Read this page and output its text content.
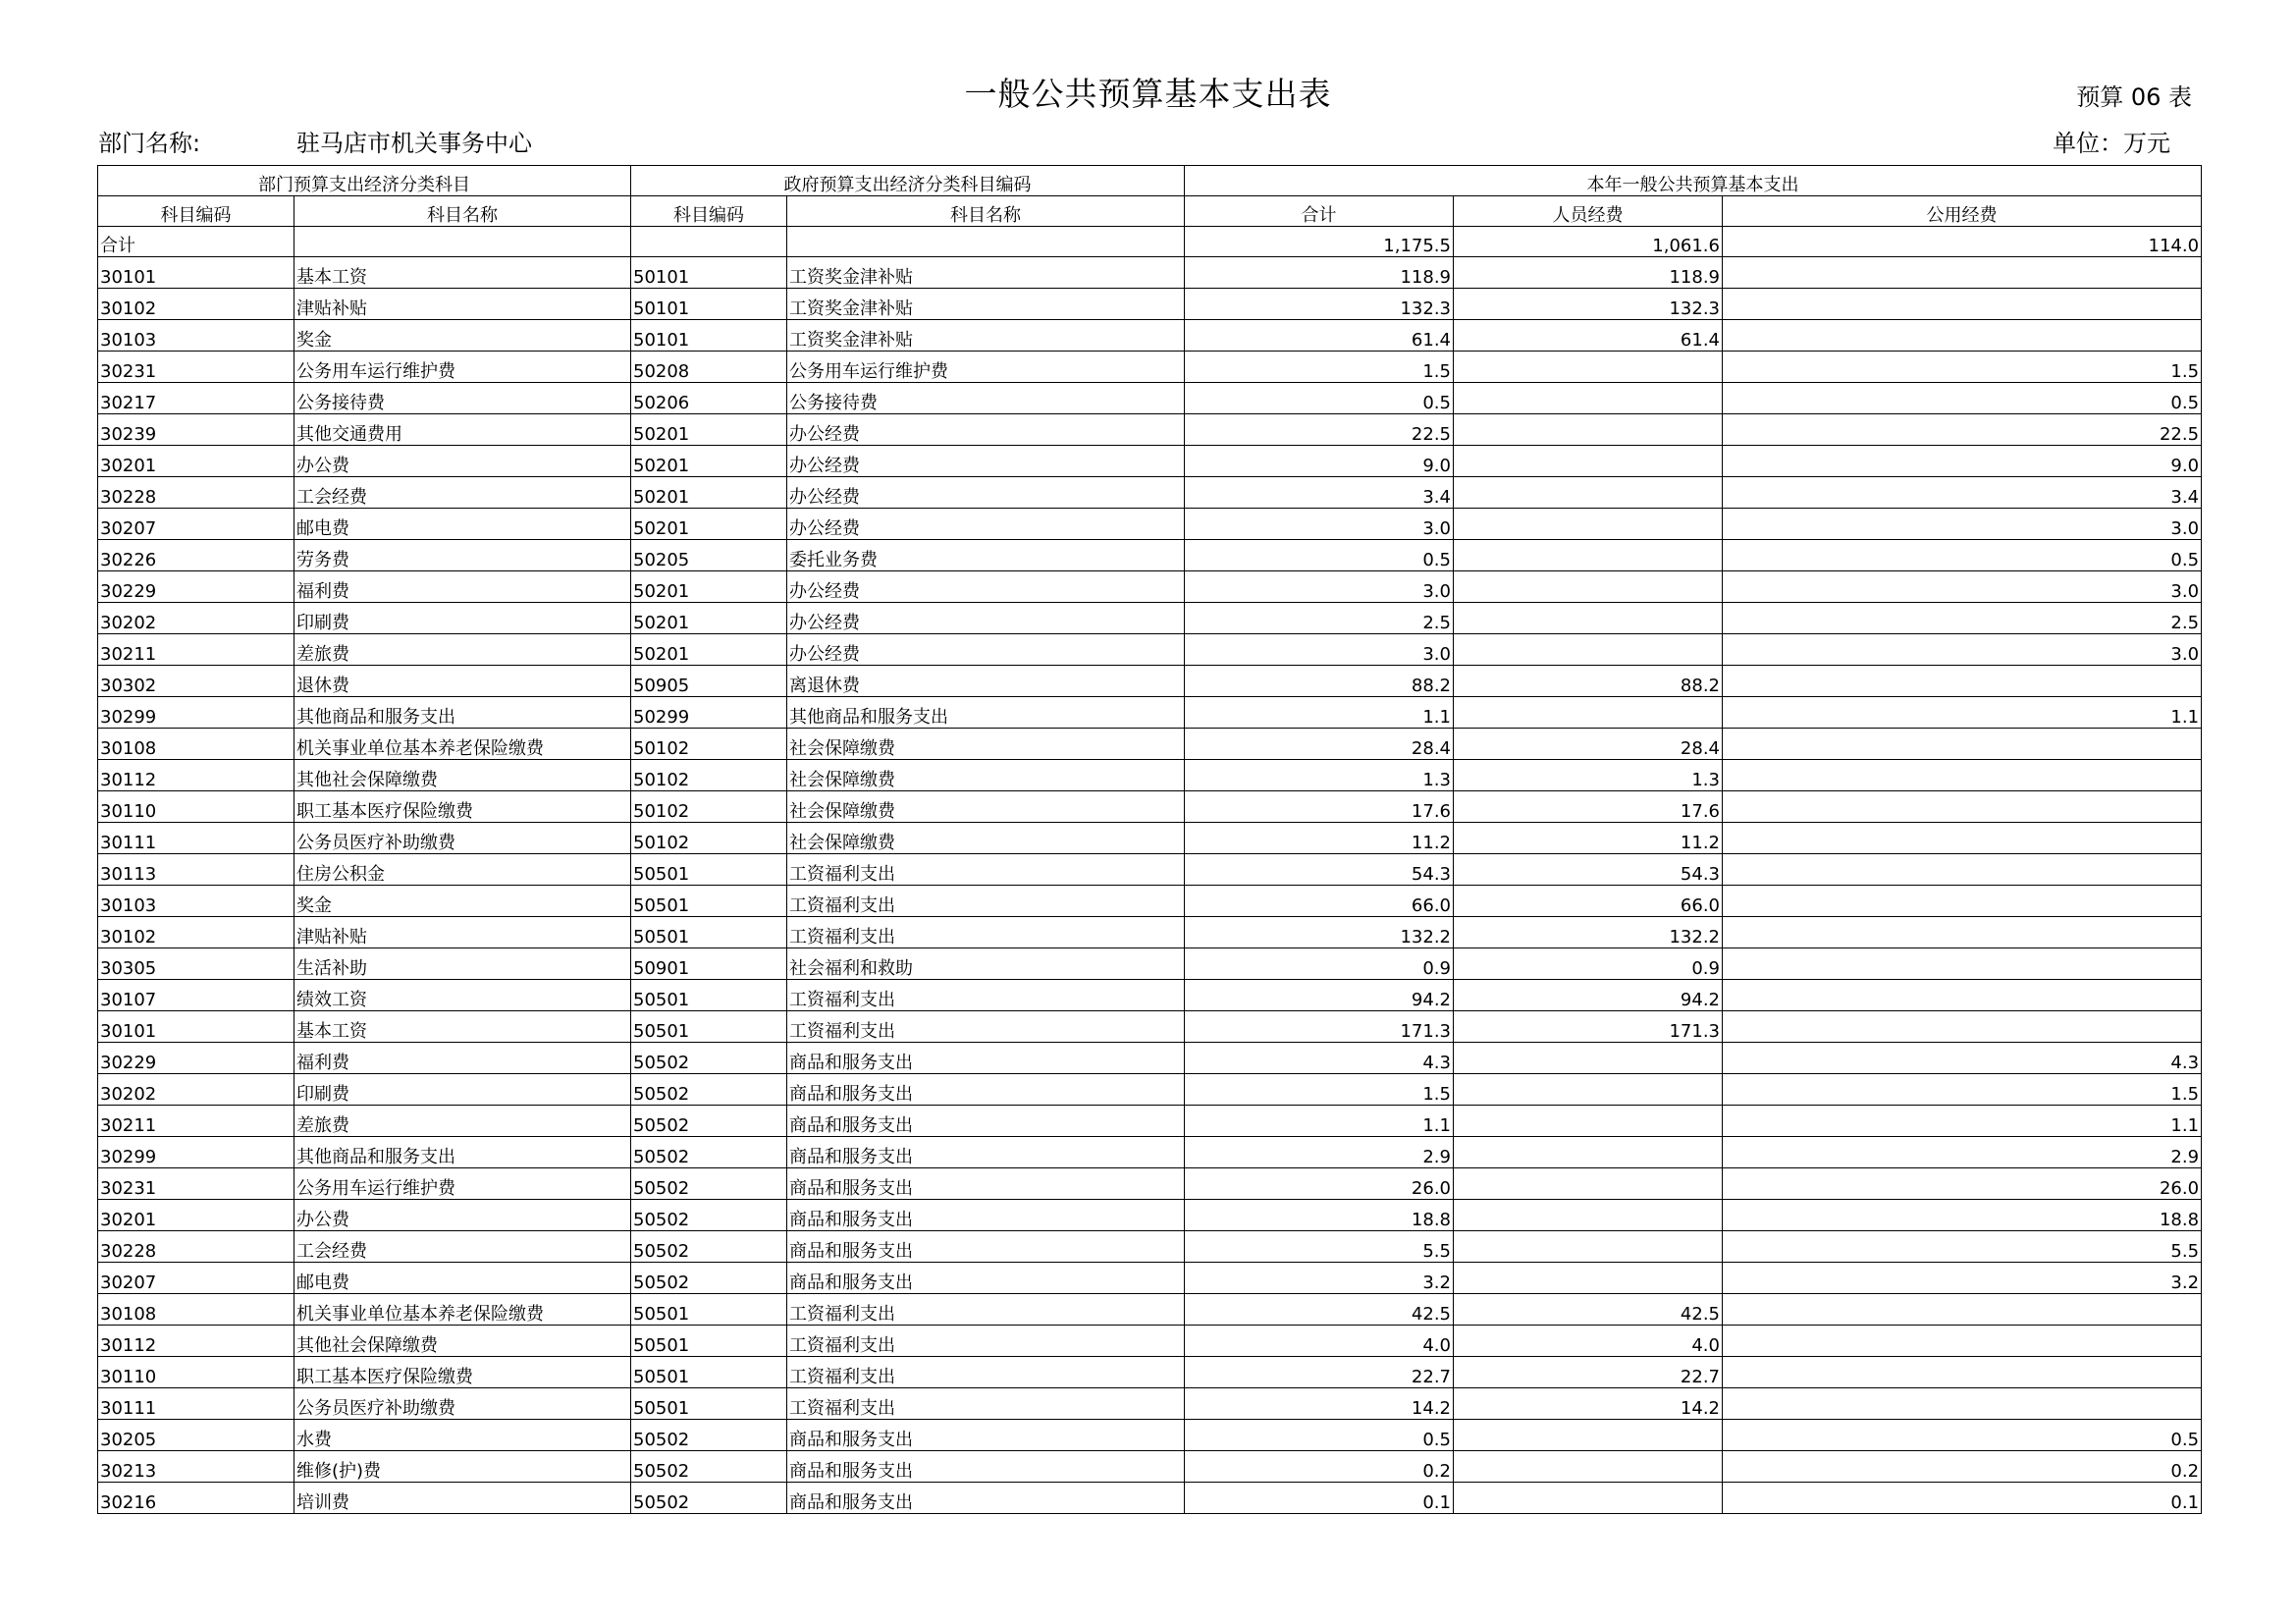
一般公共预算基本支出表	预算 06 表
部门名称:	驻马店市机关事务中心	单位：万元
部门预算支出经济分类科目		政府预算支出经济分类科目编码		本年一般公共预算基本支出		
科目编码	科目名称	科目编码	科目名称	合计	人员经费	公用经费
合计				1,175.5	1,061.6	114.0
30101	基本工资	50101	工资奖金津补贴	118.9	118.9	
30102	津贴补贴	50101	工资奖金津补贴	132.3	132.3	
30103	奖金	50101	工资奖金津补贴	61.4	61.4	
30231	公务用车运行维护费	50208	公务用车运行维护费	1.5		1.5
30217	公务接待费	50206	公务接待费	0.5		0.5
30239	其他交通费用	50201	办公经费	22.5		22.5
30201	办公费	50201	办公经费	9.0		9.0
30228	工会经费	50201	办公经费	3.4		3.4
30207	邮电费	50201	办公经费	3.0		3.0
30226	劳务费	50205	委托业务费	0.5		0.5
30229	福利费	50201	办公经费	3.0		3.0
30202	印刷费	50201	办公经费	2.5		2.5
30211	差旅费	50201	办公经费	3.0		3.0
30302	退休费	50905	离退休费	88.2	88.2	
30299	其他商品和服务支出	50299	其他商品和服务支出	1.1		1.1
30108	机关事业单位基本养老保险缴费	50102	社会保障缴费	28.4	28.4	
30112	其他社会保障缴费	50102	社会保障缴费	1.3	1.3	
30110	职工基本医疗保险缴费	50102	社会保障缴费	17.6	17.6	
30111	公务员医疗补助缴费	50102	社会保障缴费	11.2	11.2	
30113	住房公积金	50501	工资福利支出	54.3	54.3	
30103	奖金	50501	工资福利支出	66.0	66.0	
30102	津贴补贴	50501	工资福利支出	132.2	132.2	
30305	生活补助	50901	社会福利和救助	0.9	0.9	
30107	绩效工资	50501	工资福利支出	94.2	94.2	
30101	基本工资	50501	工资福利支出	171.3	171.3	
30229	福利费	50502	商品和服务支出	4.3		4.3
30202	印刷费	50502	商品和服务支出	1.5		1.5
30211	差旅费	50502	商品和服务支出	1.1		1.1
30299	其他商品和服务支出	50502	商品和服务支出	2.9		2.9
30231	公务用车运行维护费	50502	商品和服务支出	26.0		26.0
30201	办公费	50502	商品和服务支出	18.8		18.8
30228	工会经费	50502	商品和服务支出	5.5		5.5
30207	邮电费	50502	商品和服务支出	3.2		3.2
30108	机关事业单位基本养老保险缴费	50501	工资福利支出	42.5	42.5	
30112	其他社会保障缴费	50501	工资福利支出	4.0	4.0	
30110	职工基本医疗保险缴费	50501	工资福利支出	22.7	22.7	
30111	公务员医疗补助缴费	50501	工资福利支出	14.2	14.2	
30205	水费	50502	商品和服务支出	0.5		0.5
30213	维修(护)费	50502	商品和服务支出	0.2		0.2
30216	培训费	50502	商品和服务支出	0.1		0.1
